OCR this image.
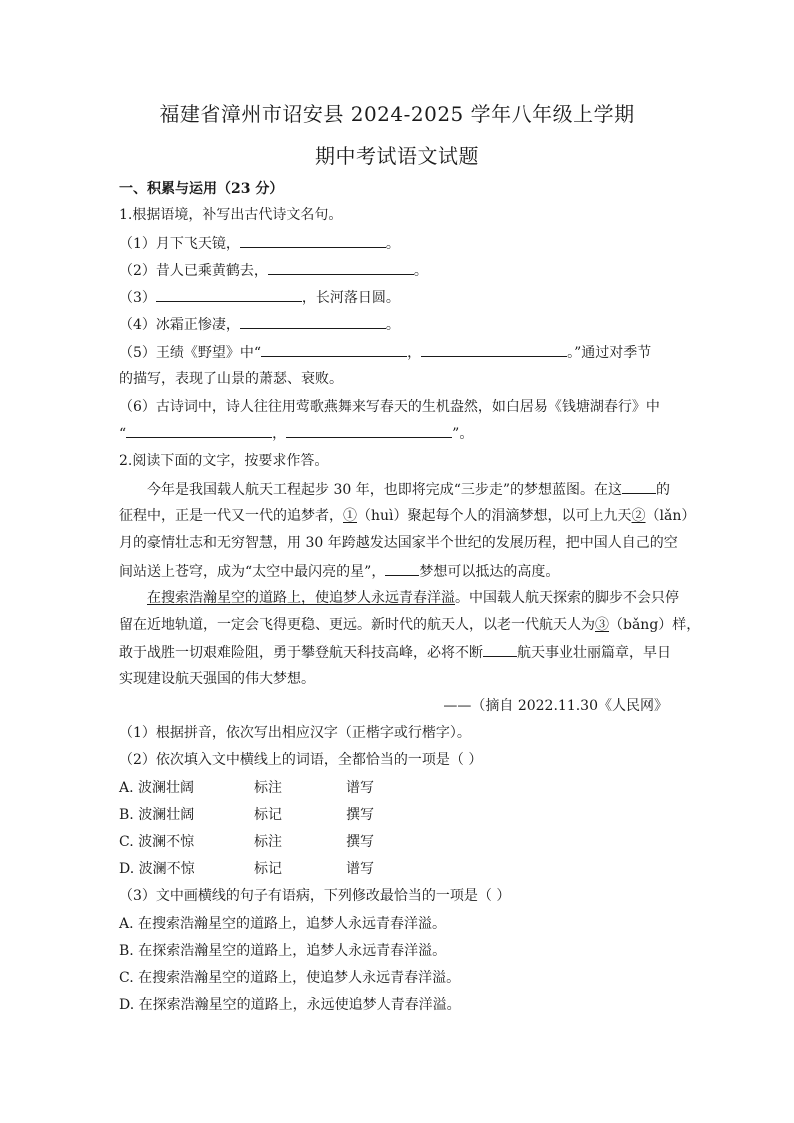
福建省漳州市诏安县 2024-2025 学年八年级上学期
期中考试语文试题
一、积累与运用（23 分）
1.根据语境，补写出古代诗文名句。
（1）月下飞天镜，	。
（2）昔人已乘黄鹤去，	。
（3）	，长河落日圆。
（4）冰霜正惨凄，	。
（5）王绩《野望》中“	，	。”通过对季节
的描写，表现了山景的萧瑟、衰败。
（6）古诗词中，诗人往往用莺歌燕舞来写春天的生机盎然，如白居易《钱塘湖春行》中
“	，	”。
2.阅读下面的文字，按要求作答。
今年是我国载人航天工程起步 30 年，也即将完成“三步走”的梦想蓝图。在这 的
征程中，正是一代又一代的追梦者，①（huì）聚起每个人的涓滴梦想，以可上九天②（lǎn）
月的豪情壮志和无穷智慧，用 30 年跨越发达国家半个世纪的发展历程，把中国人自己的空
间站送上苍穹，成为“太空中最闪亮的星”， 梦想可以抵达的高度。
在搜索浩瀚星空的道路上，使追梦人永远青春洋溢。中国载人航天探索的脚步不会只停
留在近地轨道，一定会飞得更稳、更远。新时代的航天人，以老一代航天人为③（bǎng）样，
敢于战胜一切艰难险阻，勇于攀登航天科技高峰，必将不断 航天事业壮丽篇章，早日
实现建设航天强国的伟大梦想。
——（摘自 2022.11.30《人民网》
（1）根据拼音，依次写出相应汉字（正楷字或行楷字）。
（2）依次填入文中横线上的词语，全都恰当的一项是（ ）
A. 波澜壮阔	标注	谱写
B. 波澜壮阔	标记	撰写
C. 波澜不惊	标注	撰写
D. 波澜不惊	标记	谱写
（3）文中画横线的句子有语病，下列修改最恰当的一项是（ ）
A. 在搜索浩瀚星空的道路上，追梦人永远青春洋溢。
B. 在探索浩瀚星空的道路上，追梦人永远青春洋溢。
C. 在搜索浩瀚星空的道路上，使追梦人永远青春洋溢。
D. 在探索浩瀚星空的道路上，永远使追梦人青春洋溢。
